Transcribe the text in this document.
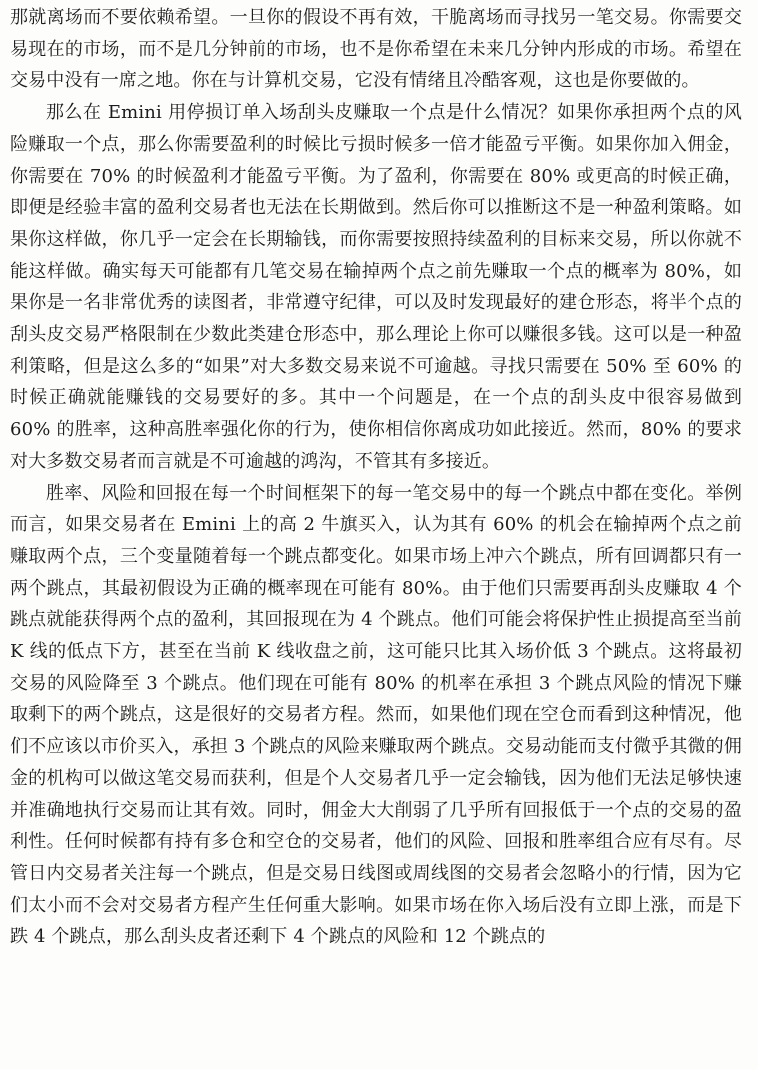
那就离场而不要依赖希望。一旦你的假设不再有效，干脆离场而寻找另一笔交易。你需要交易现在的市场，而不是几分钟前的市场，也不是你希望在未来几分钟内形成的市场。希望在交易中没有一席之地。你在与计算机交易，它没有情绪且冷酷客观，这也是你要做的。

那么在 Emini 用停损订单入场刮头皮赚取一个点是什么情况？如果你承担两个点的风险赚取一个点，那么你需要盈利的时候比亏损时候多一倍才能盈亏平衡。如果你加入佣金，你需要在 70% 的时候盈利才能盈亏平衡。为了盈利，你需要在 80% 或更高的时候正确，即便是经验丰富的盈利交易者也无法在长期做到。然后你可以推断这不是一种盈利策略。如果你这样做，你几乎一定会在长期输钱，而你需要按照持续盈利的目标来交易，所以你就不能这样做。确实每天可能都有几笔交易在输掉两个点之前先赚取一个点的概率为 80%，如果你是一名非常优秀的读图者，非常遵守纪律，可以及时发现最好的建仓形态，将半个点的刮头皮交易严格限制在少数此类建仓形态中，那么理论上你可以赚很多钱。这可以是一种盈利策略，但是这么多的“如果”对大多数交易来说不可逾越。寻找只需要在 50% 至 60% 的时候正确就能赚钱的交易要好的多。其中一个问题是，在一个点的刮头皮中很容易做到 60% 的胜率，这种高胜率强化你的行为，使你相信你离成功如此接近。然而，80% 的要求对大多数交易者而言就是不可逾越的鸿沟，不管其有多接近。

胜率、风险和回报在每一个时间框架下的每一笔交易中的每一个跳点中都在变化。举例而言，如果交易者在 Emini 上的高 2 牛旗买入，认为其有 60% 的机会在输掉两个点之前赚取两个点，三个变量随着每一个跳点都变化。如果市场上冲六个跳点，所有回调都只有一两个跳点，其最初假设为正确的概率现在可能有 80%。由于他们只需要再刮头皮赚取 4 个跳点就能获得两个点的盈利，其回报现在为 4 个跳点。他们可能会将保护性止损提高至当前 K 线的低点下方，甚至在当前 K 线收盘之前，这可能只比其入场价低 3 个跳点。这将最初交易的风险降至 3 个跳点。他们现在可能有 80% 的机率在承担 3 个跳点风险的情况下赚取剩下的两个跳点，这是很好的交易者方程。然而，如果他们现在空仓而看到这种情况，他们不应该以市价买入，承担 3 个跳点的风险来赚取两个跳点。交易动能而支付微乎其微的佣金的机构可以做这笔交易而获利，但是个人交易者几乎一定会输钱，因为他们无法足够快速并准确地执行交易而让其有效。同时，佣金大大削弱了几乎所有回报低于一个点的交易的盈利性。任何时候都有持有多仓和空仓的交易者，他们的风险、回报和胜率组合应有尽有。尽管日内交易者关注每一个跳点，但是交易日线图或周线图的交易者会忽略小的行情，因为它们太小而不会对交易者方程产生任何重大影响。如果市场在你入场后没有立即上涨，而是下跌 4 个跳点，那么刮头皮者还剩下 4 个跳点的风险和 12 个跳点的
